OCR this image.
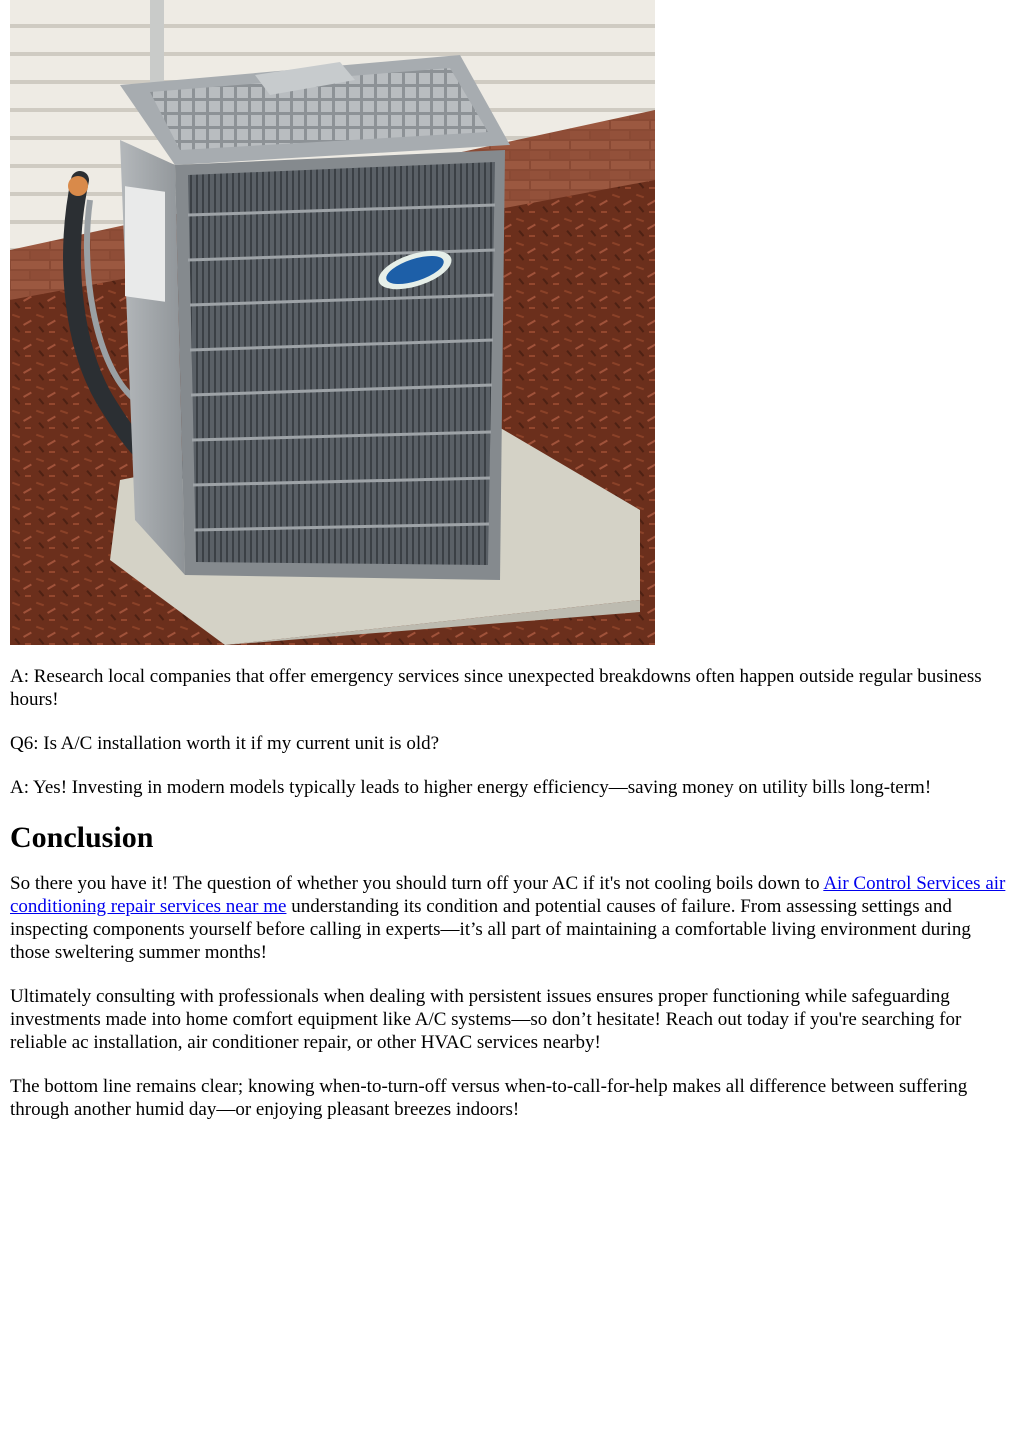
A: Research local companies that offer emergency services since unexpected breakdowns often happen outside regular business hours!

Q6: Is A/C installation worth it if my current unit is old?

A: Yes! Investing in modern models typically leads to higher energy efficiency—saving money on utility bills long-term!

Conclusion

So there you have it! The question of whether you should turn off your AC if it's not cooling boils down to Air Control Services air conditioning repair services near me understanding its condition and potential causes of failure. From assessing settings and inspecting components yourself before calling in experts—it’s all part of maintaining a comfortable living environment during those sweltering summer months!

Ultimately consulting with professionals when dealing with persistent issues ensures proper functioning while safeguarding investments made into home comfort equipment like A/C systems—so don’t hesitate! Reach out today if you're searching for reliable ac installation, air conditioner repair, or other HVAC services nearby!

The bottom line remains clear; knowing when-to-turn-off versus when-to-call-for-help makes all difference between suffering through another humid day—or enjoying pleasant breezes indoors!
